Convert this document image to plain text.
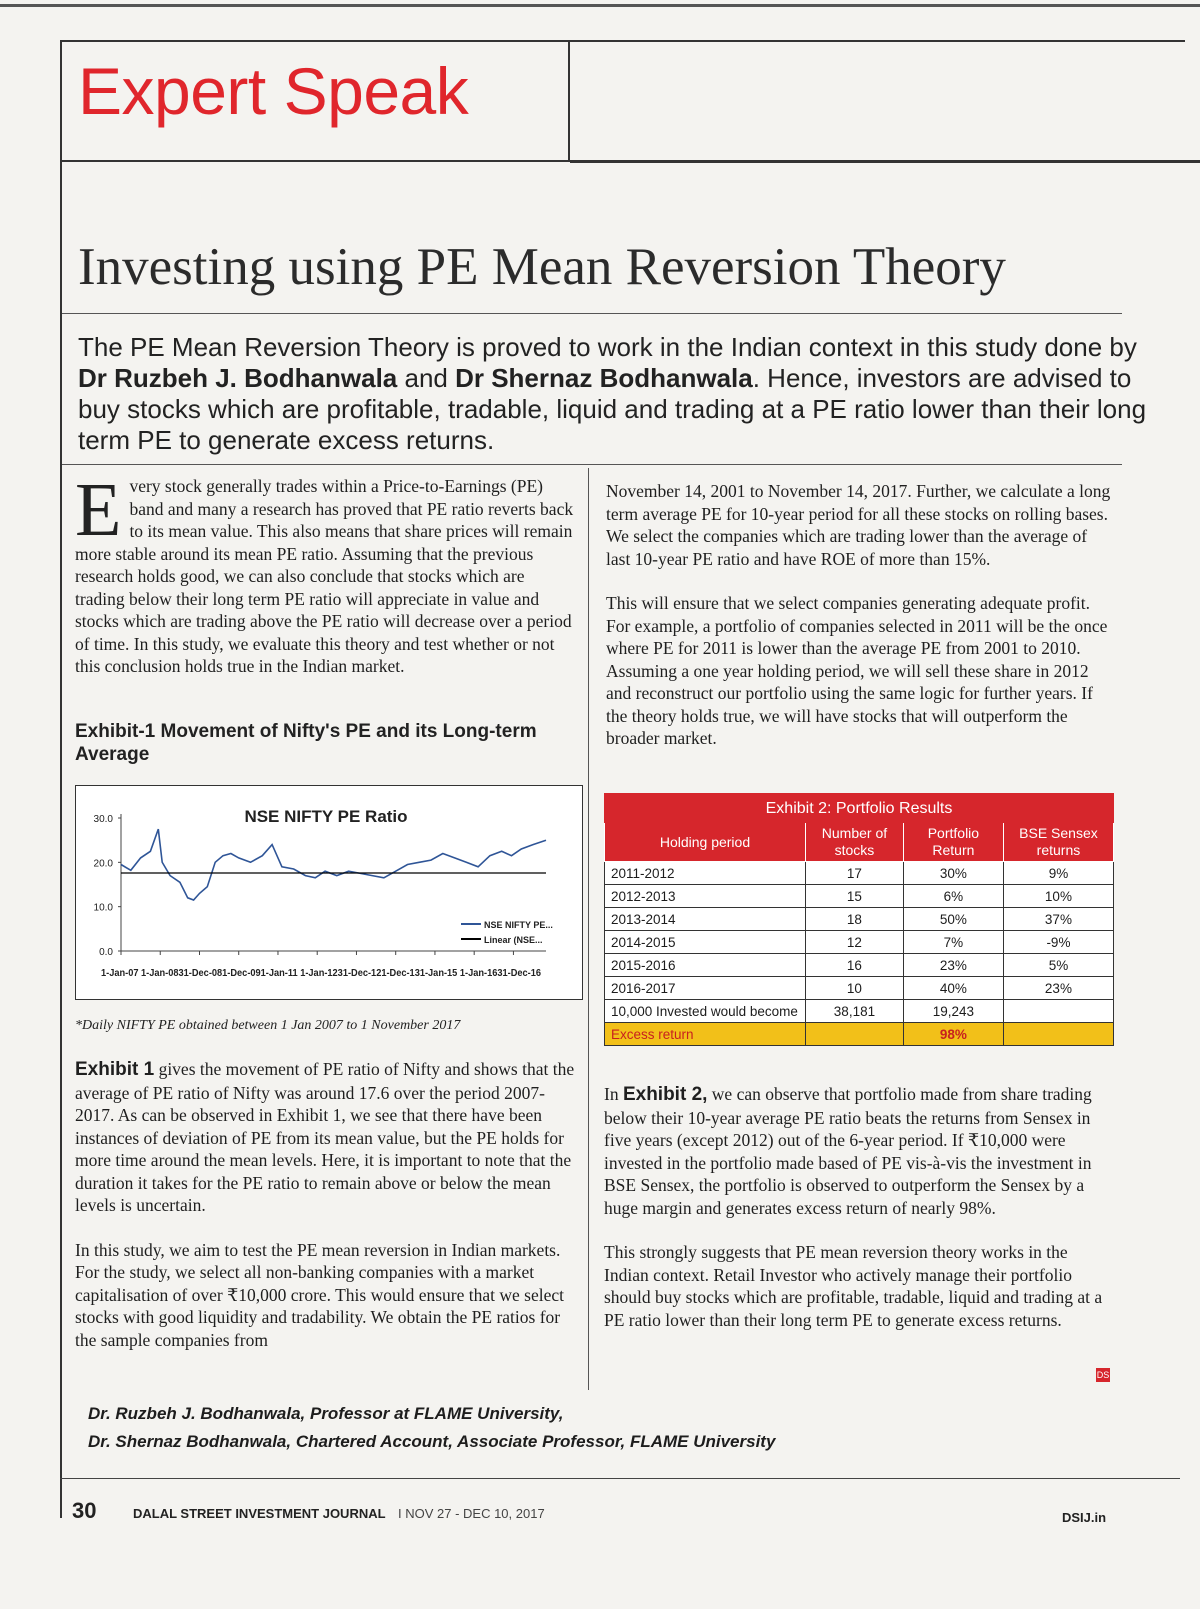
Expert Speak
Investing using PE Mean Reversion Theory
The PE Mean Reversion Theory is proved to work in the Indian context in this study done by Dr Ruzbeh J. Bodhanwala and Dr Shernaz Bodhanwala. Hence, investors are advised to buy stocks which are profitable, tradable, liquid and trading at a PE ratio lower than their long term PE to generate excess returns.

Every stock generally trades within a Price-to-Earnings (PE) band and many a research has proved that PE ratio reverts back to its mean value. This also means that share prices will remain more stable around its mean PE ratio. Assuming that the previous research holds good, we can also conclude that stocks which are trading below their long term PE ratio will appreciate in value and stocks which are trading above the PE ratio will decrease over a period of time. In this study, we evaluate this theory and test whether or not this conclusion holds true in the Indian market.

Exhibit-1 Movement of Nifty's PE and its Long-term Average
NSE NIFTY PE Ratio
30.0
20.0
10.0
0.0
1-Jan-07 1-Jan-0831-Dec-081-Dec-091-Jan-11 1-Jan-1231-Dec-121-Dec-131-Jan-15 1-Jan-1631-Dec-16
NSE NIFTY PE...
Linear (NSE...
*Daily NIFTY PE obtained between 1 Jan 2007 to 1 November 2017

Exhibit 1 gives the movement of PE ratio of Nifty and shows that the average of PE ratio of Nifty was around 17.6 over the period 2007-2017. As can be observed in Exhibit 1, we see that there have been instances of deviation of PE from its mean value, but the PE holds for more time around the mean levels. Here, it is important to note that the duration it takes for the PE ratio to remain above or below the mean levels is uncertain.

In this study, we aim to test the PE mean reversion in Indian markets. For the study, we select all non-banking companies with a market capitalisation of over ₹10,000 crore. This would ensure that we select stocks with good liquidity and tradability. We obtain the PE ratios for the sample companies from

November 14, 2001 to November 14, 2017. Further, we calculate a long term average PE for 10-year period for all these stocks on rolling bases. We select the companies which are trading lower than the average of last 10-year PE ratio and have ROE of more than 15%.

This will ensure that we select companies generating adequate profit. For example, a portfolio of companies selected in 2011 will be the once where PE for 2011 is lower than the average PE from 2001 to 2010. Assuming a one year holding period, we will sell these share in 2012 and reconstruct our portfolio using the same logic for further years. If the theory holds true, we will have stocks that will outperform the broader market.

Exhibit 2: Portfolio Results			
Holding period	Number of stocks	Portfolio Return	BSE Sensex returns
2011-2012	17	30%	9%
2012-2013	15	6%	10%
2013-2014	18	50%	37%
2014-2015	12	7%	-9%
2015-2016	16	23%	5%
2016-2017	10	40%	23%
10,000 Invested would become	38,181	19,243	
Excess return		98%	

In Exhibit 2, we can observe that portfolio made from share trading below their 10-year average PE ratio beats the returns from Sensex in five years (except 2012) out of the 6-year period. If ₹10,000 were invested in the portfolio made based of PE vis-à-vis the investment in BSE Sensex, the portfolio is observed to outperform the Sensex by a huge margin and generates excess return of nearly 98%.

This strongly suggests that PE mean reversion theory works in the Indian context. Retail Investor who actively manage their portfolio should buy stocks which are profitable, tradable, liquid and trading at a PE ratio lower than their long term PE to generate excess returns.

DS
Dr. Ruzbeh J. Bodhanwala, Professor at FLAME University,
Dr. Shernaz Bodhanwala, Chartered Account, Associate Professor, FLAME University
30	DALAL STREET INVESTMENT JOURNAL I NOV 27 - DEC 10, 2017	DSIJ.in
